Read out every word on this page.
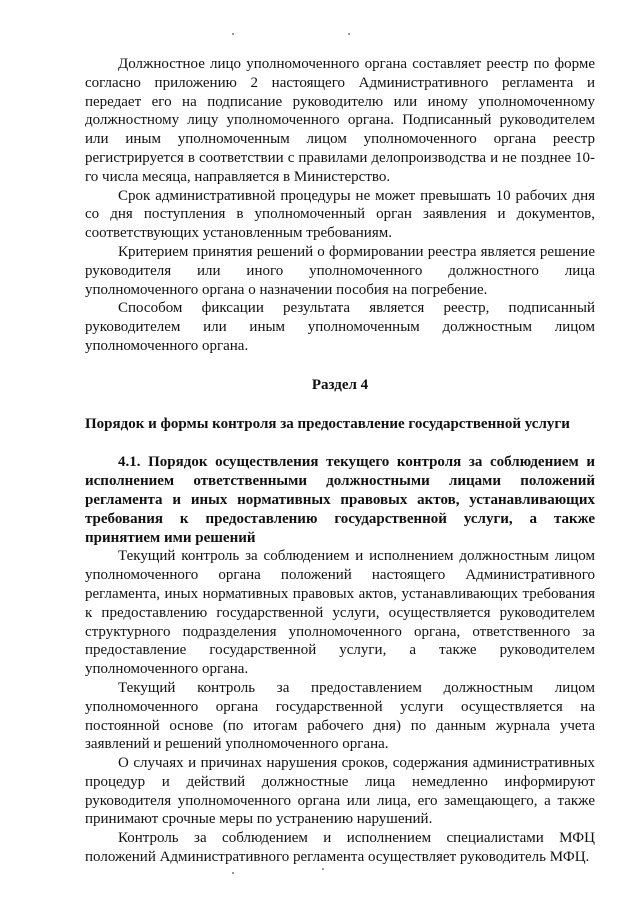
Должностное лицо уполномоченного органа составляет реестр по форме согласно приложению 2 настоящего Административного регламента и передает его на подписание руководителю или иному уполномоченному должностному лицу уполномоченного органа. Подписанный руководителем или иным уполномоченным лицом уполномоченного органа реестр регистрируется в соответствии с правилами делопроизводства и не позднее 10-го числа месяца, направляется в Министерство.

Срок административной процедуры не может превышать 10 рабочих дня со дня поступления в уполномоченный орган заявления и документов, соответствующих установленным требованиям.

Критерием принятия решений о формировании реестра является решение руководителя или иного уполномоченного должностного лица уполномоченного органа о назначении пособия на погребение.

Способом фиксации результата является реестр, подписанный руководителем или иным уполномоченным должностным лицом уполномоченного органа.

Раздел 4

Порядок и формы контроля за предоставление государственной услуги

4.1. Порядок осуществления текущего контроля за соблюдением и исполнением ответственными должностными лицами положений регламента и иных нормативных правовых актов, устанавливающих требования к предоставлению государственной услуги, а также принятием ими решений

Текущий контроль за соблюдением и исполнением должностным лицом уполномоченного органа положений настоящего Административного регламента, иных нормативных правовых актов, устанавливающих требования к предоставлению государственной услуги, осуществляется руководителем структурного подразделения уполномоченного органа, ответственного за предоставление государственной услуги, а также руководителем уполномоченного органа.

Текущий контроль за предоставлением должностным лицом уполномоченного органа государственной услуги осуществляется на постоянной основе (по итогам рабочего дня) по данным журнала учета заявлений и решений уполномоченного органа.

О случаях и причинах нарушения сроков, содержания административных процедур и действий должностные лица немедленно информируют руководителя уполномоченного органа или лица, его замещающего, а также принимают срочные меры по устранению нарушений.

Контроль за соблюдением и исполнением специалистами МФЦ положений Административного регламента осуществляет руководитель МФЦ.
